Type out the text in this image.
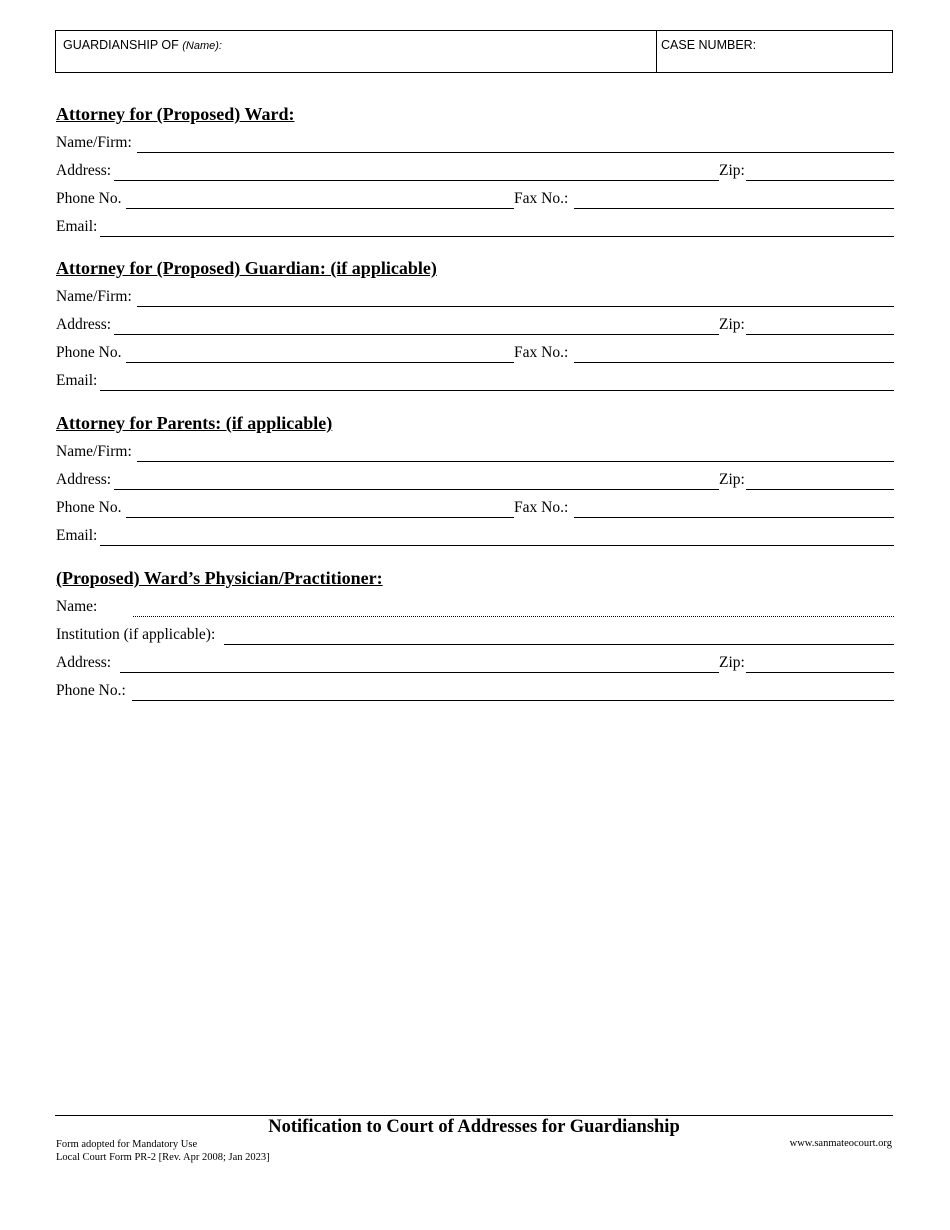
GUARDIANSHIP OF (Name):	CASE NUMBER:
Attorney for (Proposed) Ward:
Name/Firm:
Address:	Zip:
Phone No.	Fax No.:
Email:
Attorney for (Proposed) Guardian: (if applicable)
Name/Firm:
Address:	Zip:
Phone No.	Fax No.:
Email:
Attorney for Parents: (if applicable)
Name/Firm:
Address:	Zip:
Phone No.	Fax No.:
Email:
(Proposed) Ward’s Physician/Practitioner:
Name:
Institution (if applicable):
Address:	Zip:
Phone No.:
Notification to Court of Addresses for Guardianship
Form adopted for Mandatory Use
Local Court Form PR-2 [Rev. Apr 2008; Jan 2023]
www.sanmateocourt.org
